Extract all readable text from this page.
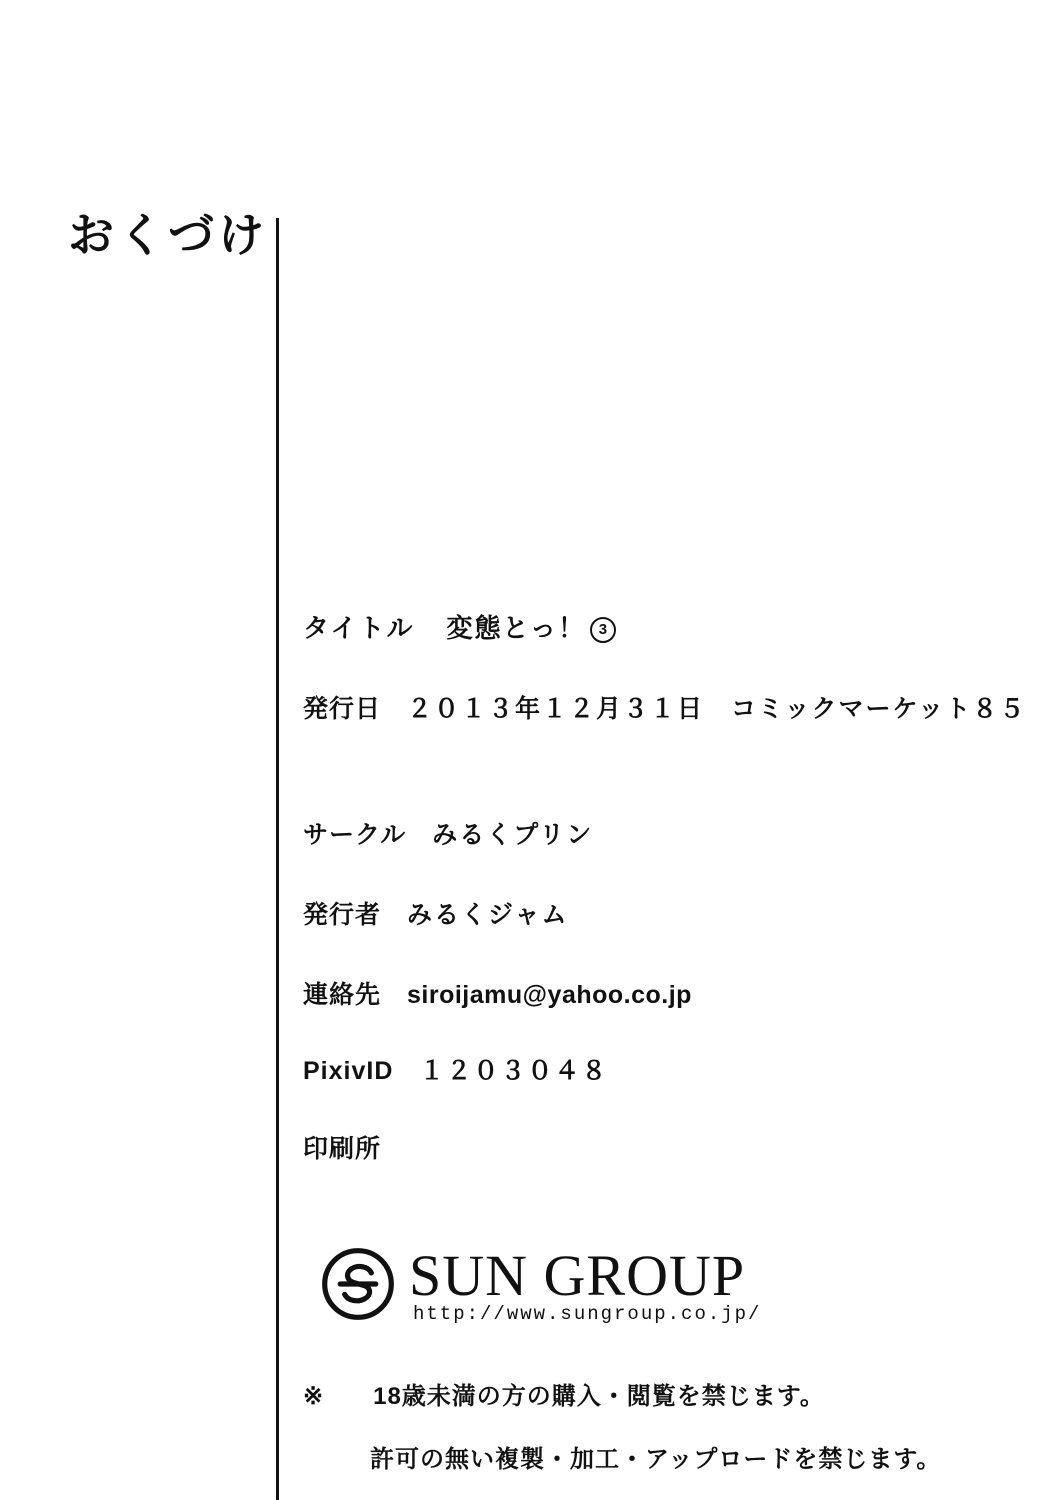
おくづけ
タイトル 変態とっ！ 3
発行日 ２０１３年１２月３１日　コミックマーケット８５
サークル みるくプリン
発行者 みるくジャム
連絡先 siroijamu@yahoo.co.jp
PixivID １２０３０４８
印刷所
SUN GROUP
http://www.sungroup.co.jp/
※ 18歳未満の方の購入・閲覧を禁じます。
許可の無い複製・加工・アップロードを禁じます。
